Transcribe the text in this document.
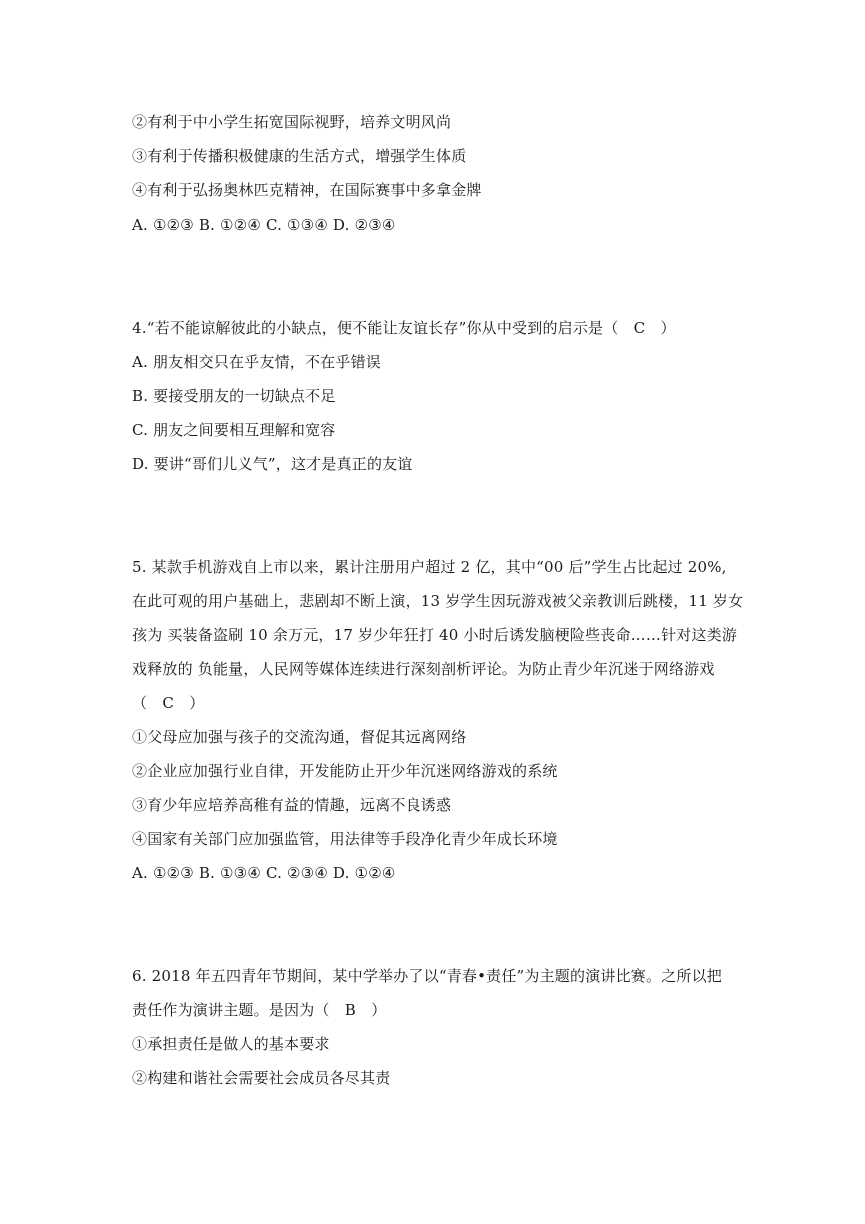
②有利于中小学生拓宽国际视野，培养文明风尚
③有利于传播积极健康的生活方式，增强学生体质
④有利于弘扬奥林匹克精神，在国际赛事中多拿金牌
A. ①②③ B. ①②④ C. ①③④ D. ②③④
4.“若不能谅解彼此的小缺点，便不能让友谊长存”你从中受到的启示是（　C　）
A. 朋友相交只在乎友情，不在乎错误
B. 要接受朋友的一切缺点不足
C. 朋友之间要相互理解和宽容
D. 要讲“哥们儿义气”，这才是真正的友谊
5. 某款手机游戏自上市以来，累计注册用户超过 2 亿，其中“00 后”学生占比起过 20%,
在此可观的用户基础上，悲剧却不断上演，13 岁学生因玩游戏被父亲教训后跳楼，11 岁女
孩为 买装备盗刷 10 余万元，17 岁少年狂打 40 小时后诱发脑梗险些丧命……针对这类游
戏释放的 负能量，人民网等媒体连续进行深刻剖析评论。为防止青少年沉迷于网络游戏
（　C　）
①父母应加强与孩子的交流沟通，督促其远离网络
②企业应加强行业自律，开发能防止开少年沉迷网络游戏的系统
③育少年应培养高稚有益的情趣，远离不良诱惑
④国家有关部门应加强监管，用法律等手段净化青少年成长环境
A. ①②③ B. ①③④ C. ②③④ D. ①②④
6. 2018 年五四青年节期间，某中学举办了以“青春•责任”为主题的演讲比赛。之所以把
责任作为演讲主题。是因为（　B　）
①承担责任是做人的基本要求
②构建和谐社会需要社会成员各尽其责
